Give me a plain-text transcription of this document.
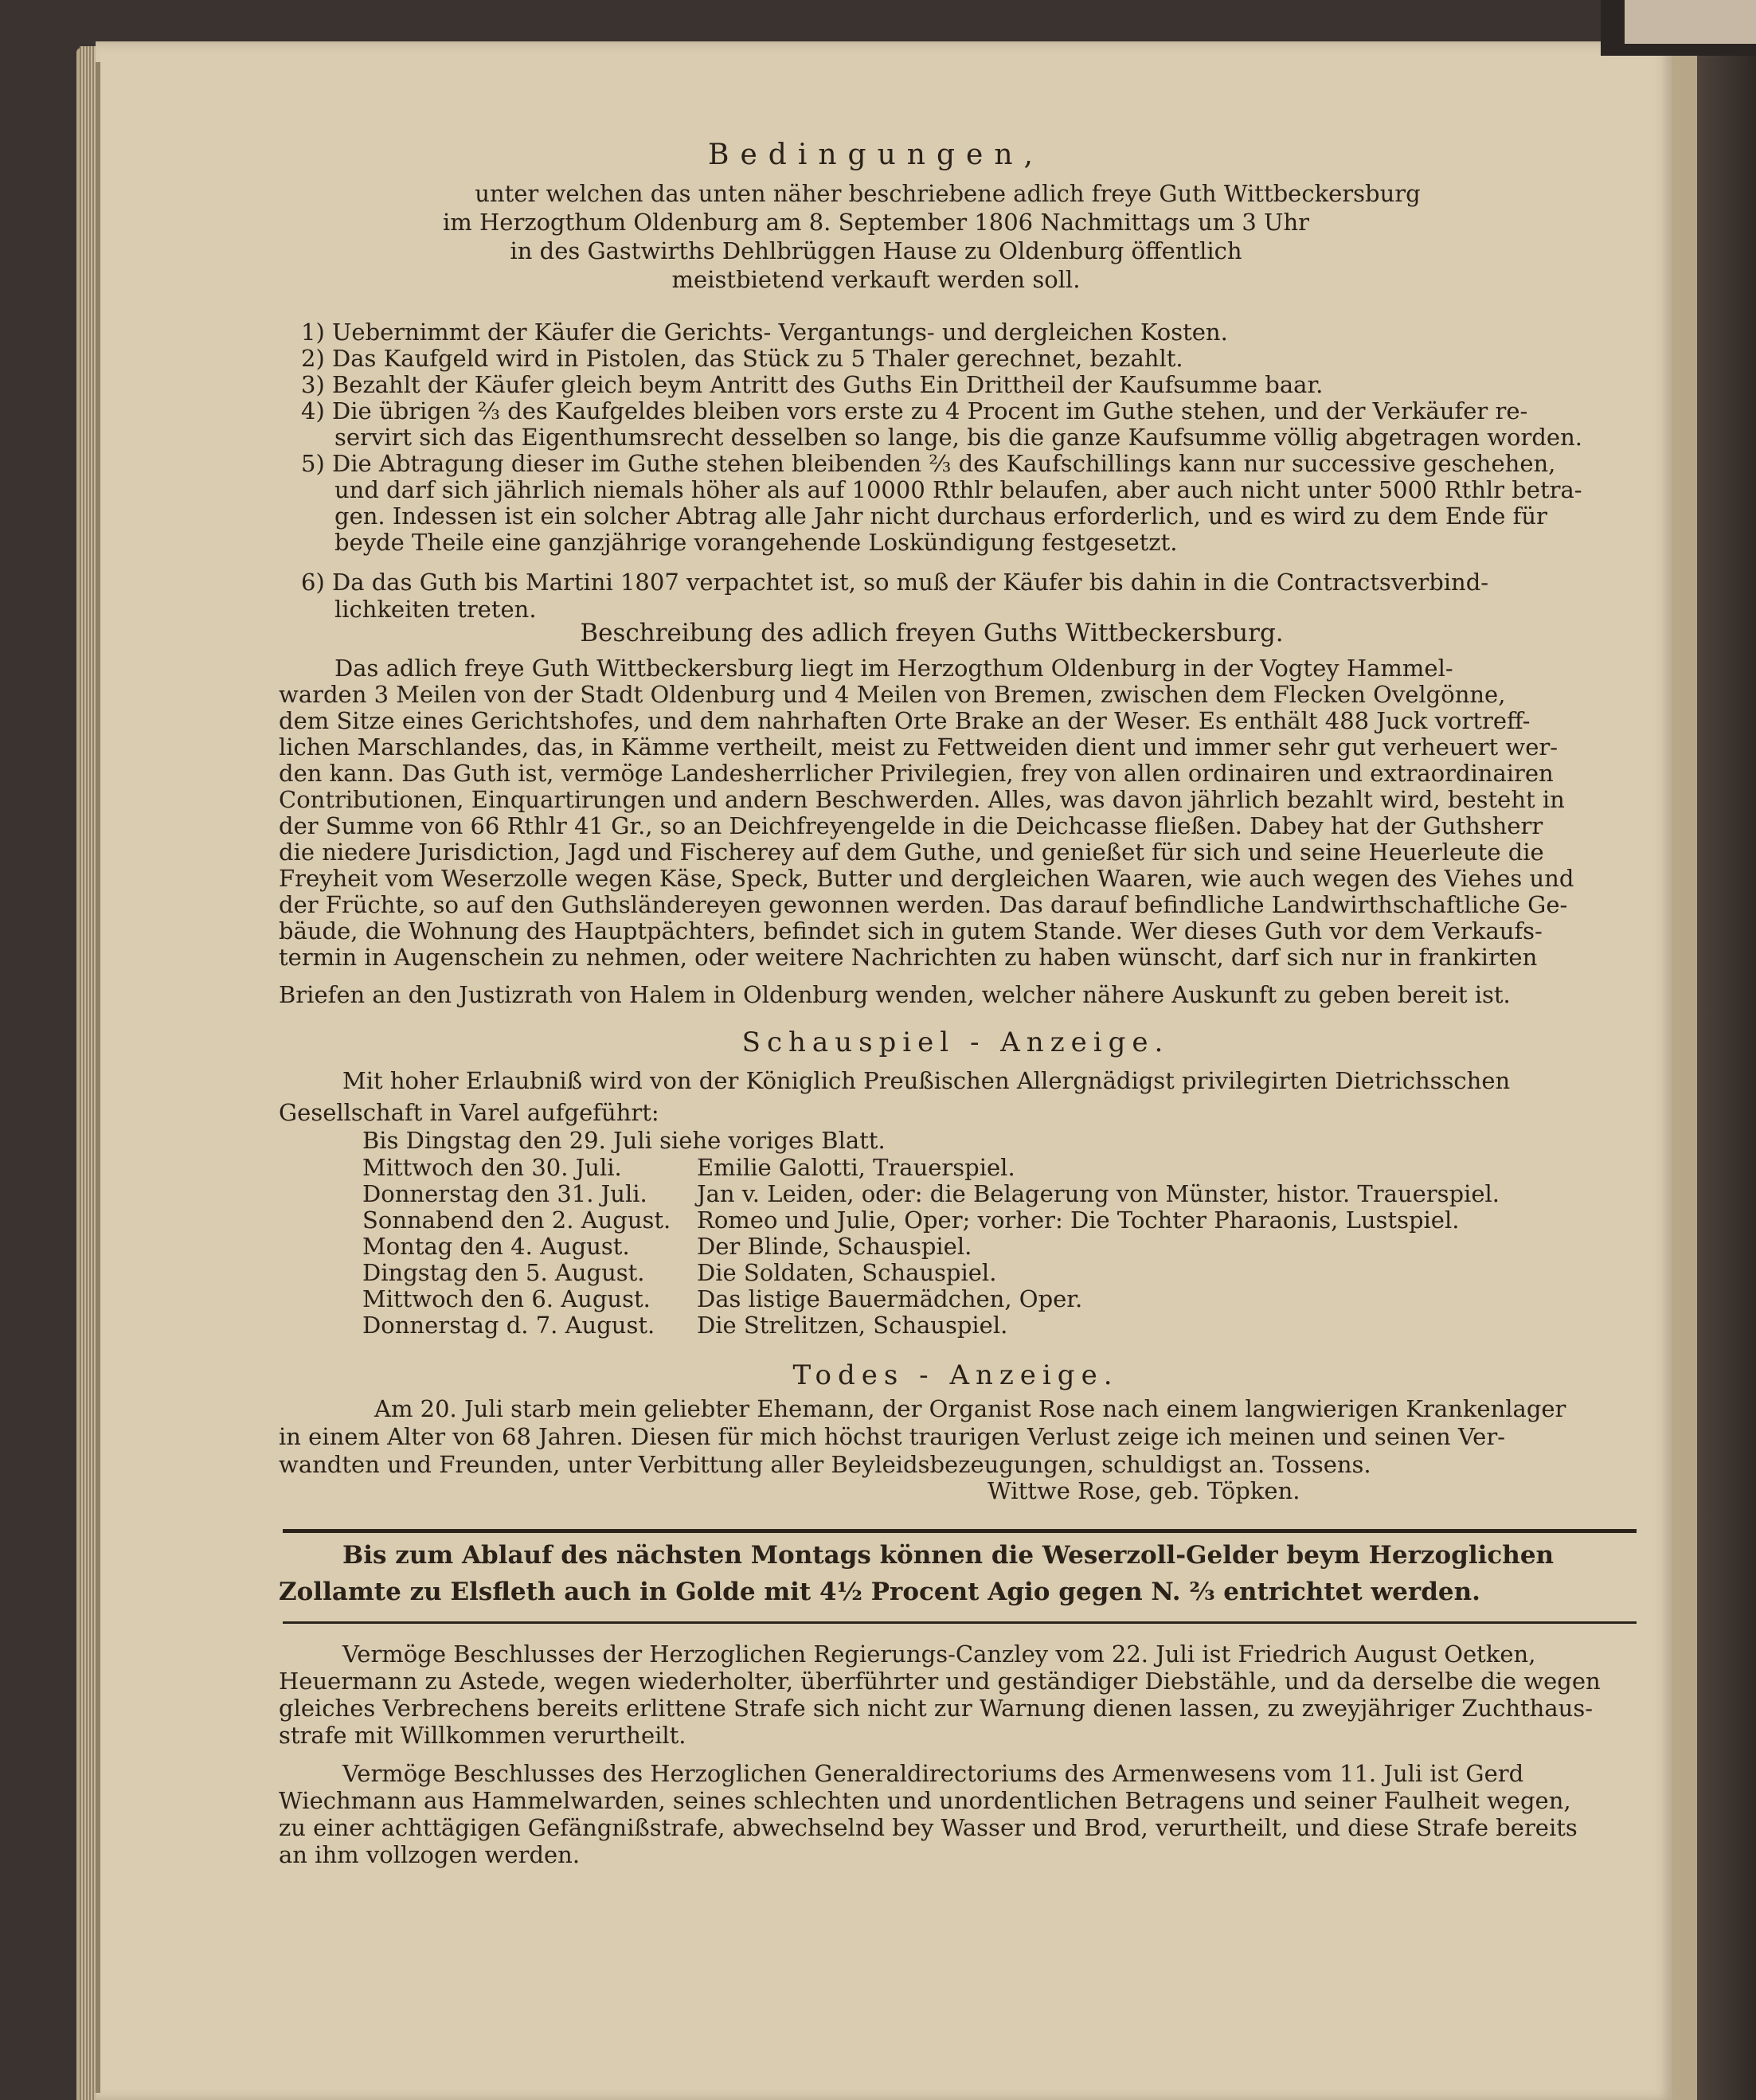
Bedingungen,
unter welchen das unten näher beschriebene adlich freye Guth Wittbeckersburg
im Herzogthum Oldenburg am 8. September 1806 Nachmittags um 3 Uhr
in des Gastwirths Dehlbrüggen Hause zu Oldenburg öffentlich
meistbietend verkauft werden soll.
1) Uebernimmt der Käufer die Gerichts- Vergantungs- und dergleichen Kosten.
2) Das Kaufgeld wird in Pistolen, das Stück zu 5 Thaler gerechnet, bezahlt.
3) Bezahlt der Käufer gleich beym Antritt des Guths Ein Drittheil der Kaufsumme baar.
4) Die übrigen ⅔ des Kaufgeldes bleiben vors erste zu 4 Procent im Guthe stehen, und der Verkäufer re-
servirt sich das Eigenthumsrecht desselben so lange, bis die ganze Kaufsumme völlig abgetragen worden.
5) Die Abtragung dieser im Guthe stehen bleibenden ⅔ des Kaufschillings kann nur successive geschehen,
und darf sich jährlich niemals höher als auf 10000 Rthlr belaufen, aber auch nicht unter 5000 Rthlr betra-
gen. Indessen ist ein solcher Abtrag alle Jahr nicht durchaus erforderlich, und es wird zu dem Ende für
beyde Theile eine ganzjährige vorangehende Loskündigung festgesetzt.
6) Da das Guth bis Martini 1807 verpachtet ist, so muß der Käufer bis dahin in die Contractsverbind-
lichkeiten treten.
Beschreibung des adlich freyen Guths Wittbeckersburg.
Das adlich freye Guth Wittbeckersburg liegt im Herzogthum Oldenburg in der Vogtey Hammel-
warden 3 Meilen von der Stadt Oldenburg und 4 Meilen von Bremen, zwischen dem Flecken Ovelgönne,
dem Sitze eines Gerichtshofes, und dem nahrhaften Orte Brake an der Weser. Es enthält 488 Juck vortreff-
lichen Marschlandes, das, in Kämme vertheilt, meist zu Fettweiden dient und immer sehr gut verheuert wer-
den kann. Das Guth ist, vermöge Landesherrlicher Privilegien, frey von allen ordinairen und extraordinairen
Contributionen, Einquartirungen und andern Beschwerden. Alles, was davon jährlich bezahlt wird, besteht in
der Summe von 66 Rthlr 41 Gr., so an Deichfreyengelde in die Deichcasse fließen. Dabey hat der Guthsherr
die niedere Jurisdiction, Jagd und Fischerey auf dem Guthe, und genießet für sich und seine Heuerleute die
Freyheit vom Weserzolle wegen Käse, Speck, Butter und dergleichen Waaren, wie auch wegen des Viehes und
der Früchte, so auf den Guthsländereyen gewonnen werden. Das darauf befindliche Landwirthschaftliche Ge-
bäude, die Wohnung des Hauptpächters, befindet sich in gutem Stande. Wer dieses Guth vor dem Verkaufs-
termin in Augenschein zu nehmen, oder weitere Nachrichten zu haben wünscht, darf sich nur in frankirten
Briefen an den Justizrath von Halem in Oldenburg wenden, welcher nähere Auskunft zu geben bereit ist.
Schauspiel - Anzeige.
Mit hoher Erlaubniß wird von der Königlich Preußischen Allergnädigst privilegirten Dietrichsschen
Gesellschaft in Varel aufgeführt:
Bis Dingstag den 29. Juli siehe voriges Blatt.
Mittwoch den 30. Juli.	Emilie Galotti, Trauerspiel.
Donnerstag den 31. Juli. Jan v. Leiden, oder: die Belagerung von Münster, histor. Trauerspiel.
Sonnabend den 2. August. Romeo und Julie, Oper; vorher: Die Tochter Pharaonis, Lustspiel.
Montag den 4. August.	Der Blinde, Schauspiel.
Dingstag den 5. August. Die Soldaten, Schauspiel.
Mittwoch den 6. August. Das listige Bauermädchen, Oper.
Donnerstag d. 7. August. Die Strelitzen, Schauspiel.
Todes - Anzeige.
Am 20. Juli starb mein geliebter Ehemann, der Organist Rose nach einem langwierigen Krankenlager
in einem Alter von 68 Jahren. Diesen für mich höchst traurigen Verlust zeige ich meinen und seinen Ver-
wandten und Freunden, unter Verbittung aller Beyleidsbezeugungen, schuldigst an. Tossens.
Wittwe Rose, geb. Töpken.
Bis zum Ablauf des nächsten Montags können die Weserzoll-Gelder beym Herzoglichen
Zollamte zu Elsfleth auch in Golde mit 4½ Procent Agio gegen N. ⅔ entrichtet werden.
Vermöge Beschlusses der Herzoglichen Regierungs-Canzley vom 22. Juli ist Friedrich August Oetken,
Heuermann zu Astede, wegen wiederholter, überführter und geständiger Diebstähle, und da derselbe die wegen
gleiches Verbrechens bereits erlittene Strafe sich nicht zur Warnung dienen lassen, zu zweyjähriger Zuchthaus-
strafe mit Willkommen verurtheilt.
Vermöge Beschlusses des Herzoglichen Generaldirectoriums des Armenwesens vom 11. Juli ist Gerd
Wiechmann aus Hammelwarden, seines schlechten und unordentlichen Betragens und seiner Faulheit wegen,
zu einer achttägigen Gefängnißstrafe, abwechselnd bey Wasser und Brod, verurtheilt, und diese Strafe bereits
an ihm vollzogen werden.
